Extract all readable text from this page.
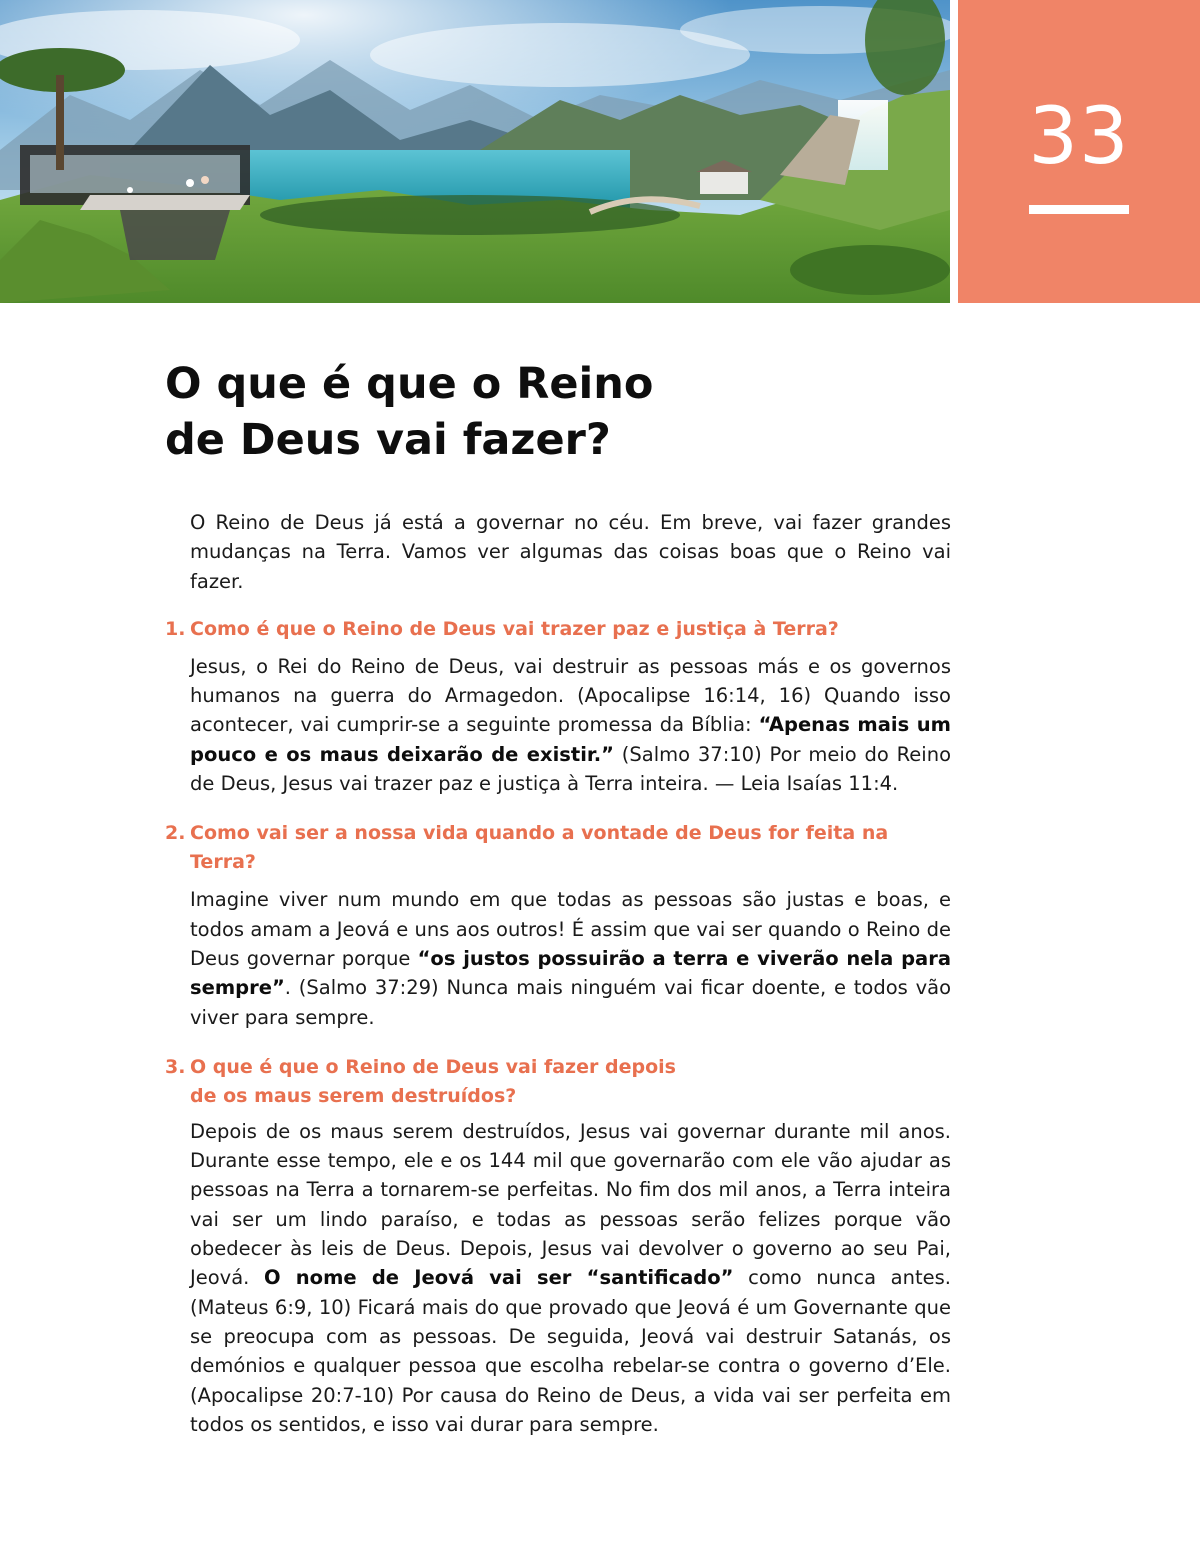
33
O que é que o Reino
de Deus vai fazer?

O Reino de Deus já está a governar no céu. Em breve, vai fazer grandes mudanças na Terra. Vamos ver algumas das coisas boas que o Reino vai fazer.

1. Como é que o Reino de Deus vai trazer paz e justiça à Terra?

Jesus, o Rei do Reino de Deus, vai destruir as pessoas más e os governos humanos na guerra do Armagedon. (Apocalipse 16:14, 16) Quando isso acontecer, vai cumprir-se a seguinte promessa da Bíblia: “Apenas mais um pouco e os maus deixarão de existir.” (Salmo 37:10) Por meio do Reino de Deus, Jesus vai trazer paz e justiça à Terra inteira. — Leia Isaías 11:4.

2. Como vai ser a nossa vida quando a vontade de Deus for feita na Terra?

Imagine viver num mundo em que todas as pessoas são justas e boas, e todos amam a Jeová e uns aos outros! É assim que vai ser quando o Reino de Deus governar porque “os justos possuirão a terra e viverão nela para sempre”. (Salmo 37:29) Nunca mais ninguém vai ficar doente, e todos vão viver para sempre.

3. O que é que o Reino de Deus vai fazer depois
de os maus serem destruídos?

Depois de os maus serem destruídos, Jesus vai governar durante mil anos. Durante esse tempo, ele e os 144 mil que governarão com ele vão ajudar as pessoas na Terra a tornarem-se perfeitas. No fim dos mil anos, a Terra inteira vai ser um lindo paraíso, e todas as pessoas serão felizes porque vão obedecer às leis de Deus. Depois, Jesus vai devolver o governo ao seu Pai, Jeová. O nome de Jeová vai ser “santificado” como nunca antes. (Mateus 6:9, 10) Ficará mais do que provado que Jeová é um Governante que se preocupa com as pessoas. De seguida, Jeová vai destruir Satanás, os demónios e qualquer pessoa que escolha rebelar-se contra o governo d’Ele. (Apocalipse 20:7-10) Por causa do Reino de Deus, a vida vai ser perfeita em todos os sentidos, e isso vai durar para sempre.
